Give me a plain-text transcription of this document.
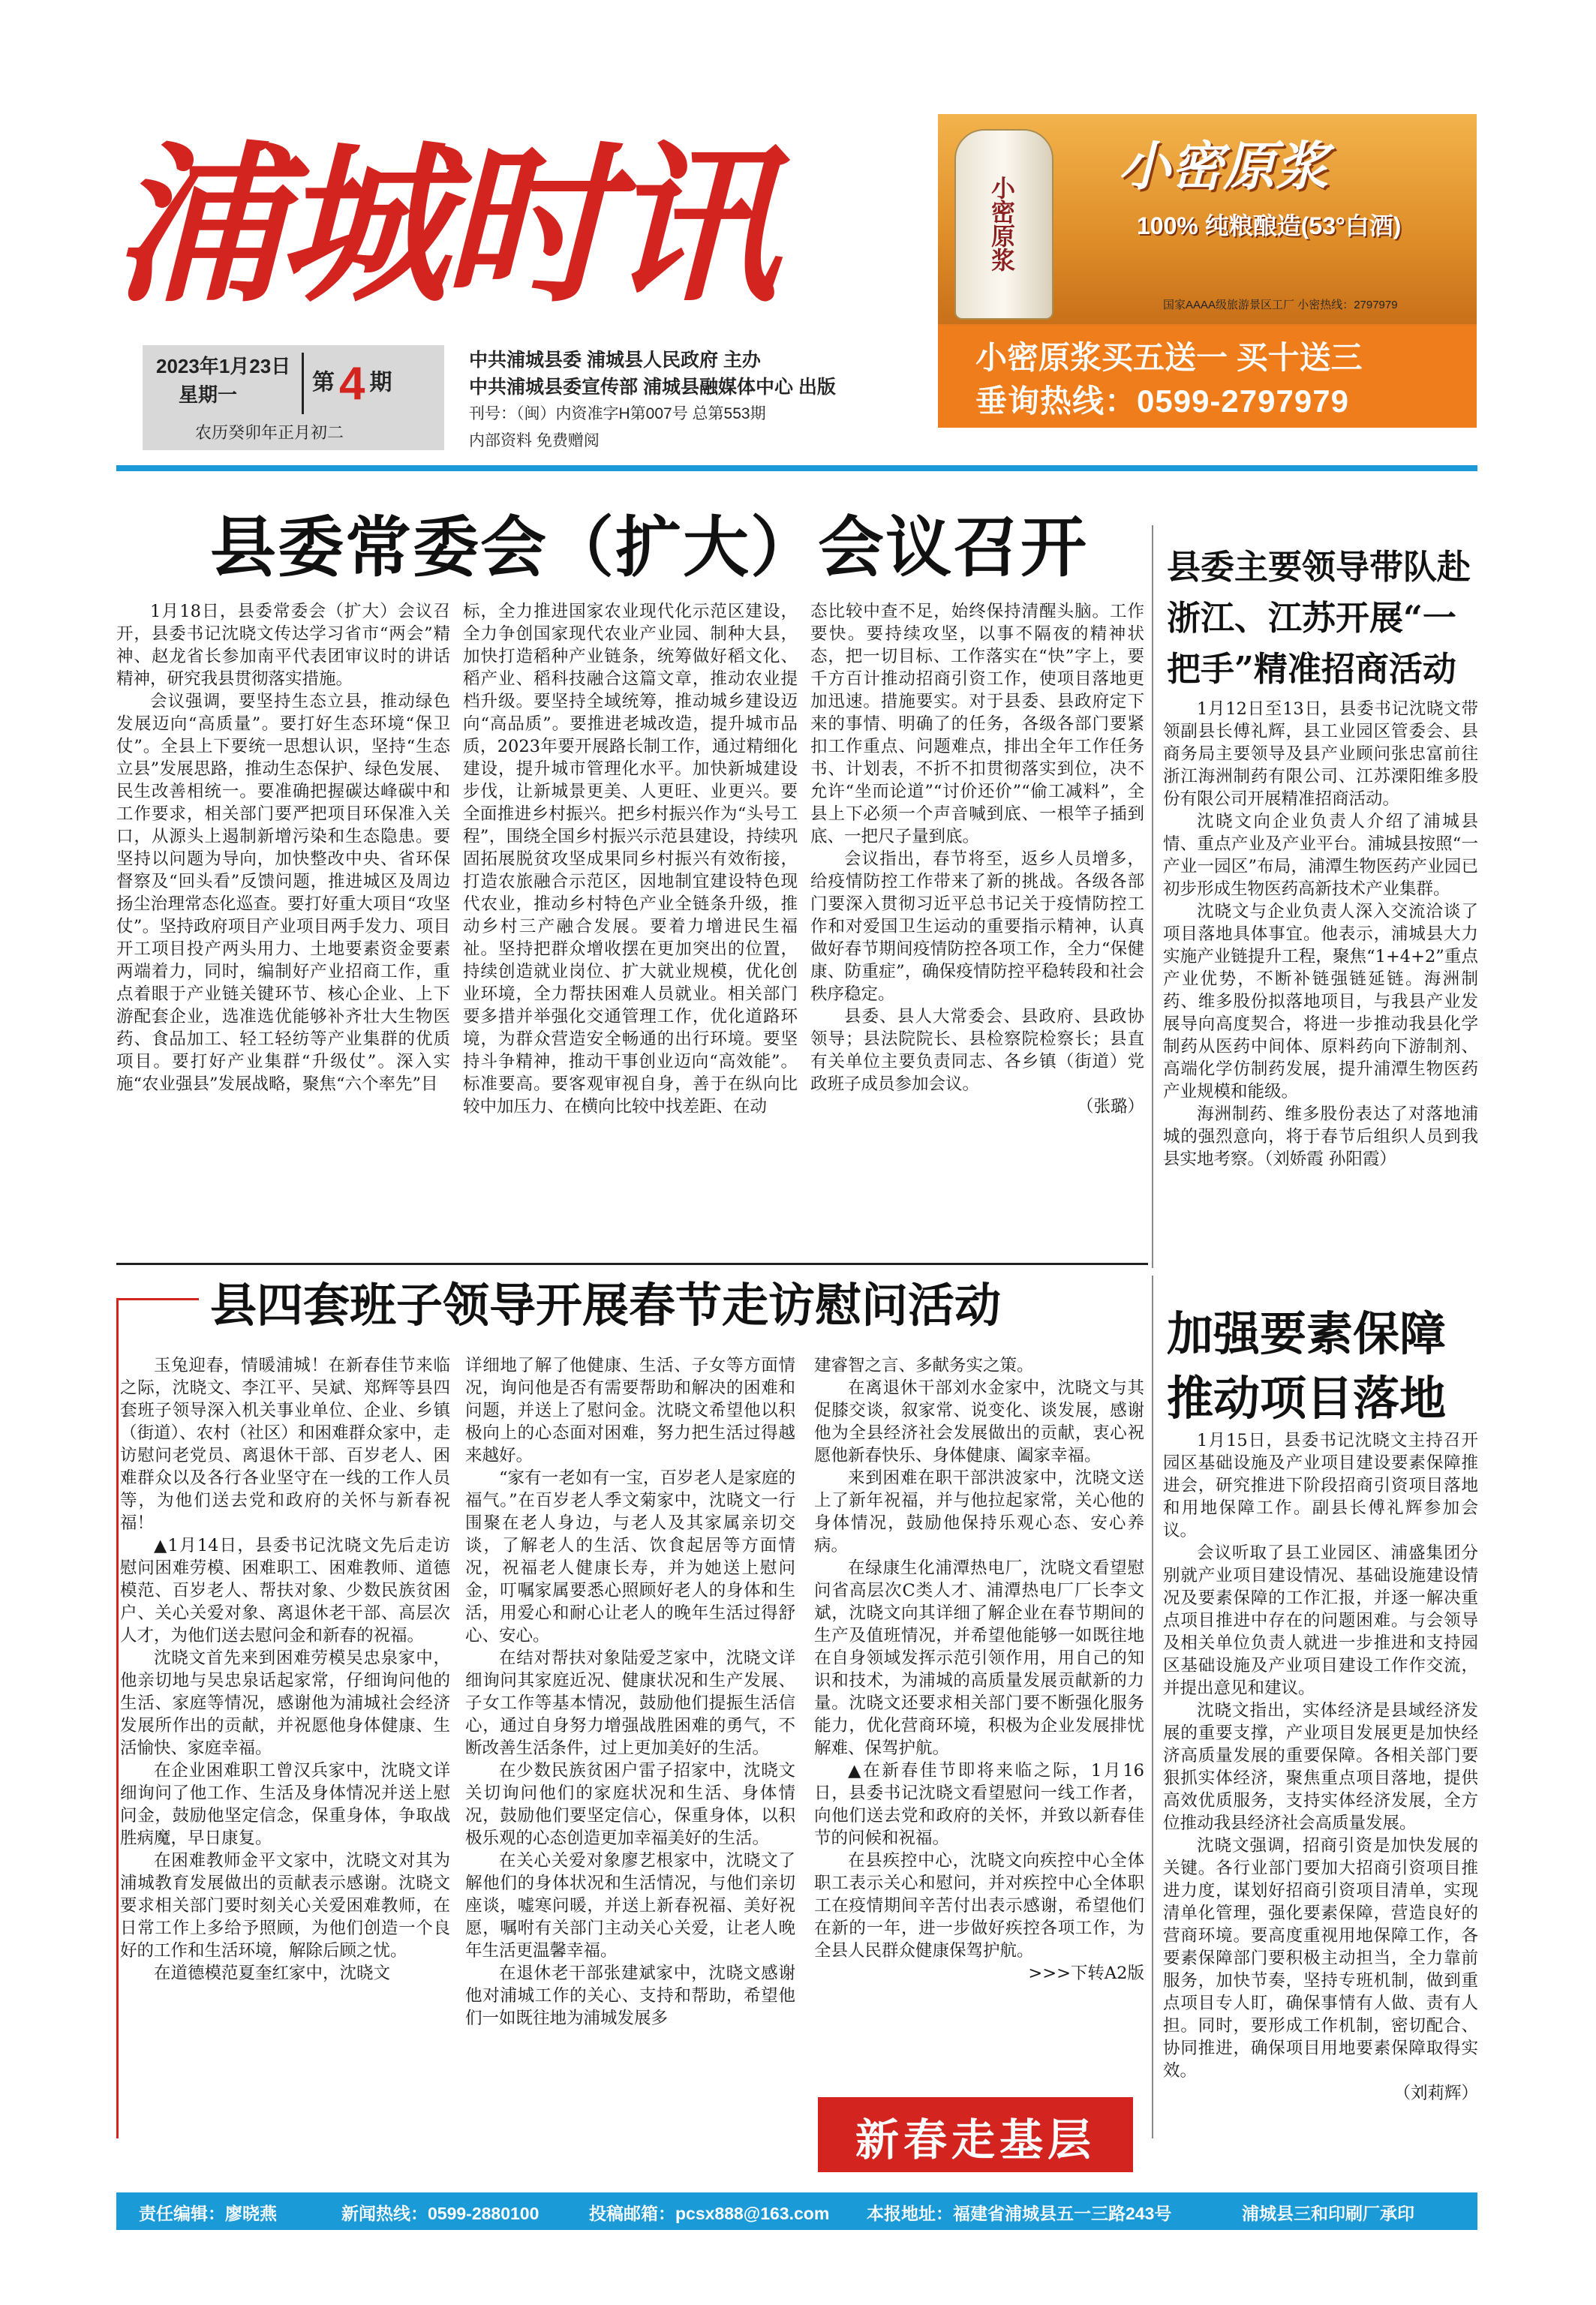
浦城时讯
2023年1月23日
星期一	第4 期
农历癸卯年正月初二
中共浦城县委 浦城县人民政府 主办
中共浦城县委宣传部 浦城县融媒体中心 出版
刊号：（闽）内资准字H第007号 总第553期
内部资料 免费赠阅
小密原浆
小密原浆
100% 纯粮酿造(53°白酒)
国家AAAA级旅游景区工厂 小密热线：2797979
小密原浆买五送一 买十送三
垂询热线：0599-2797979
县委常委会（扩大）会议召开

1月18日，县委常委会（扩大）会议召开，县委书记沈晓文传达学习省市“两会”精神、赵龙省长参加南平代表团审议时的讲话精神，研究我县贯彻落实措施。

会议强调，要坚持生态立县，推动绿色发展迈向“高质量”。要打好生态环境“保卫仗”。全县上下要统一思想认识，坚持“生态立县”发展思路，推动生态保护、绿色发展、民生改善相统一。要准确把握碳达峰碳中和工作要求，相关部门要严把项目环保准入关口，从源头上遏制新增污染和生态隐患。要坚持以问题为导向，加快整改中央、省环保督察及“回头看”反馈问题，推进城区及周边扬尘治理常态化巡查。要打好重大项目“攻坚仗”。坚持政府项目产业项目两手发力、项目开工项目投产两头用力、土地要素资金要素两端着力，同时，编制好产业招商工作，重点着眼于产业链关键环节、核心企业、上下游配套企业，选准选优能够补齐壮大生物医药、食品加工、轻工轻纺等产业集群的优质项目。要打好产业集群“升级仗”。深入实施“农业强县”发展战略，聚焦“六个率先”目

标，全力推进国家农业现代化示范区建设，全力争创国家现代农业产业园、制种大县，加快打造稻种产业链条，统筹做好稻文化、稻产业、稻科技融合这篇文章，推动农业提档升级。要坚持全域统筹，推动城乡建设迈向“高品质”。要推进老城改造，提升城市品质，2023年要开展路长制工作，通过精细化建设，提升城市管理化水平。加快新城建设步伐，让新城景更美、人更旺、业更兴。要全面推进乡村振兴。把乡村振兴作为“头号工程”，围绕全国乡村振兴示范县建设，持续巩固拓展脱贫攻坚成果同乡村振兴有效衔接，打造农旅融合示范区，因地制宜建设特色现代农业，推动乡村特色产业全链条升级，推动乡村三产融合发展。要着力增进民生福祉。坚持把群众增收摆在更加突出的位置，持续创造就业岗位、扩大就业规模，优化创业环境，全力帮扶困难人员就业。相关部门要多措并举强化交通管理工作，优化道路环境，为群众营造安全畅通的出行环境。要坚持斗争精神，推动干事创业迈向“高效能”。标准要高。要客观审视自身，善于在纵向比较中加压力、在横向比较中找差距、在动

态比较中查不足，始终保持清醒头脑。工作要快。要持续攻坚，以事不隔夜的精神状态，把一切目标、工作落实在“快”字上，要千方百计推动招商引资工作，使项目落地更加迅速。措施要实。对于县委、县政府定下来的事情、明确了的任务，各级各部门要紧扣工作重点、问题难点，排出全年工作任务书、计划表，不折不扣贯彻落实到位，决不允许“坐而论道”“讨价还价”“偷工减料”，全县上下必须一个声音喊到底、一根竿子插到底、一把尺子量到底。

会议指出，春节将至，返乡人员增多，给疫情防控工作带来了新的挑战。各级各部门要深入贯彻习近平总书记关于疫情防控工作和对爱国卫生运动的重要指示精神，认真做好春节期间疫情防控各项工作，全力“保健康、防重症”，确保疫情防控平稳转段和社会秩序稳定。

县委、县人大常委会、县政府、县政协领导；县法院院长、县检察院检察长；县直有关单位主要负责同志、各乡镇（街道）党政班子成员参加会议。

（张璐）

县委主要领导带队赴浙江、江苏开展“一把手”精准招商活动

1月12日至13日，县委书记沈晓文带领副县长傅礼辉，县工业园区管委会、县商务局主要领导及县产业顾问张忠富前往浙江海洲制药有限公司、江苏溧阳维多股份有限公司开展精准招商活动。

沈晓文向企业负责人介绍了浦城县情、重点产业及产业平台。浦城县按照“一产业一园区”布局，浦潭生物医药产业园已初步形成生物医药高新技术产业集群。

沈晓文与企业负责人深入交流洽谈了项目落地具体事宜。他表示，浦城县大力实施产业链提升工程，聚焦“1+4+2”重点产业优势，不断补链强链延链。海洲制药、维多股份拟落地项目，与我县产业发展导向高度契合，将进一步推动我县化学制药从医药中间体、原料药向下游制剂、高端化学仿制药发展，提升浦潭生物医药产业规模和能级。

海洲制药、维多股份表达了对落地浦城的强烈意向，将于春节后组织人员到我县实地考察。（刘娇霞 孙阳霞）

县四套班子领导开展春节走访慰问活动

玉兔迎春，情暖浦城！在新春佳节来临之际，沈晓文、李江平、吴斌、郑辉等县四套班子领导深入机关事业单位、企业、乡镇（街道）、农村（社区）和困难群众家中，走访慰问老党员、离退休干部、百岁老人、困难群众以及各行各业坚守在一线的工作人员等，为他们送去党和政府的关怀与新春祝福！

▲1月14日，县委书记沈晓文先后走访慰问困难劳模、困难职工、困难教师、道德模范、百岁老人、帮扶对象、少数民族贫困户、关心关爱对象、离退休老干部、高层次人才，为他们送去慰问金和新春的祝福。

沈晓文首先来到困难劳模吴忠泉家中，他亲切地与吴忠泉话起家常，仔细询问他的生活、家庭等情况，感谢他为浦城社会经济发展所作出的贡献，并祝愿他身体健康、生活愉快、家庭幸福。

在企业困难职工曾汉兵家中，沈晓文详细询问了他工作、生活及身体情况并送上慰问金，鼓励他坚定信念，保重身体，争取战胜病魔，早日康复。

在困难教师金平文家中，沈晓文对其为浦城教育发展做出的贡献表示感谢。沈晓文要求相关部门要时刻关心关爱困难教师，在日常工作上多给予照顾，为他们创造一个良好的工作和生活环境，解除后顾之忧。

在道德模范夏奎红家中，沈晓文

详细地了解了他健康、生活、子女等方面情况，询问他是否有需要帮助和解决的困难和问题，并送上了慰问金。沈晓文希望他以积极向上的心态面对困难，努力把生活过得越来越好。

“家有一老如有一宝，百岁老人是家庭的福气。”在百岁老人季文菊家中，沈晓文一行围聚在老人身边，与老人及其家属亲切交谈，了解老人的生活、饮食起居等方面情况，祝福老人健康长寿，并为她送上慰问金，叮嘱家属要悉心照顾好老人的身体和生活，用爱心和耐心让老人的晚年生活过得舒心、安心。

在结对帮扶对象陆爱芝家中，沈晓文详细询问其家庭近况、健康状况和生产发展、子女工作等基本情况，鼓励他们提振生活信心，通过自身努力增强战胜困难的勇气，不断改善生活条件，过上更加美好的生活。

在少数民族贫困户雷子招家中，沈晓文关切询问他们的家庭状况和生活、身体情况，鼓励他们要坚定信心，保重身体，以积极乐观的心态创造更加幸福美好的生活。

在关心关爱对象廖艺根家中，沈晓文了解他们的身体状况和生活情况，与他们亲切座谈，嘘寒问暖，并送上新春祝福、美好祝愿，嘱咐有关部门主动关心关爱，让老人晚年生活更温馨幸福。

在退休老干部张建斌家中，沈晓文感谢他对浦城工作的关心、支持和帮助，希望他们一如既往地为浦城发展多

建睿智之言、多献务实之策。

在离退休干部刘水金家中，沈晓文与其促膝交谈，叙家常、说变化、谈发展，感谢他为全县经济社会发展做出的贡献，衷心祝愿他新春快乐、身体健康、阖家幸福。

来到困难在职干部洪波家中，沈晓文送上了新年祝福，并与他拉起家常，关心他的身体情况，鼓励他保持乐观心态、安心养病。

在绿康生化浦潭热电厂，沈晓文看望慰问省高层次C类人才、浦潭热电厂厂长李文斌，沈晓文向其详细了解企业在春节期间的生产及值班情况，并希望他能够一如既往地在自身领域发挥示范引领作用，用自己的知识和技术，为浦城的高质量发展贡献新的力量。沈晓文还要求相关部门要不断强化服务能力，优化营商环境，积极为企业发展排忧解难、保驾护航。

▲在新春佳节即将来临之际，1月16日，县委书记沈晓文看望慰问一线工作者，向他们送去党和政府的关怀，并致以新春佳节的问候和祝福。

在县疾控中心，沈晓文向疾控中心全体职工表示关心和慰问，并对疾控中心全体职工在疫情期间辛苦付出表示感谢，希望他们在新的一年，进一步做好疾控各项工作，为全县人民群众健康保驾护航。

>>>下转A2版

新春走基层
加强要素保障推动项目落地

1月15日，县委书记沈晓文主持召开园区基础设施及产业项目建设要素保障推进会，研究推进下阶段招商引资项目落地和用地保障工作。副县长傅礼辉参加会议。

会议听取了县工业园区、浦盛集团分别就产业项目建设情况、基础设施建设情况及要素保障的工作汇报，并逐一解决重点项目推进中存在的问题困难。与会领导及相关单位负责人就进一步推进和支持园区基础设施及产业项目建设工作作交流，并提出意见和建议。

沈晓文指出，实体经济是县域经济发展的重要支撑，产业项目发展更是加快经济高质量发展的重要保障。各相关部门要狠抓实体经济，聚焦重点项目落地，提供高效优质服务，支持实体经济发展，全方位推动我县经济社会高质量发展。

沈晓文强调，招商引资是加快发展的关键。各行业部门要加大招商引资项目推进力度，谋划好招商引资项目清单，实现清单化管理，强化要素保障，营造良好的营商环境。要高度重视用地保障工作，各要素保障部门要积极主动担当，全力靠前服务，加快节奏，坚持专班机制，做到重点项目专人盯，确保事情有人做、责有人担。同时，要形成工作机制，密切配合、协同推进，确保项目用地要素保障取得实效。

（刘莉辉）

责任编辑：廖晓燕	新闻热线：0599-2880100	投稿邮箱：pcsx888@163.com 本报地址：福建省浦城县五一三路243号	浦城县三和印刷厂承印
